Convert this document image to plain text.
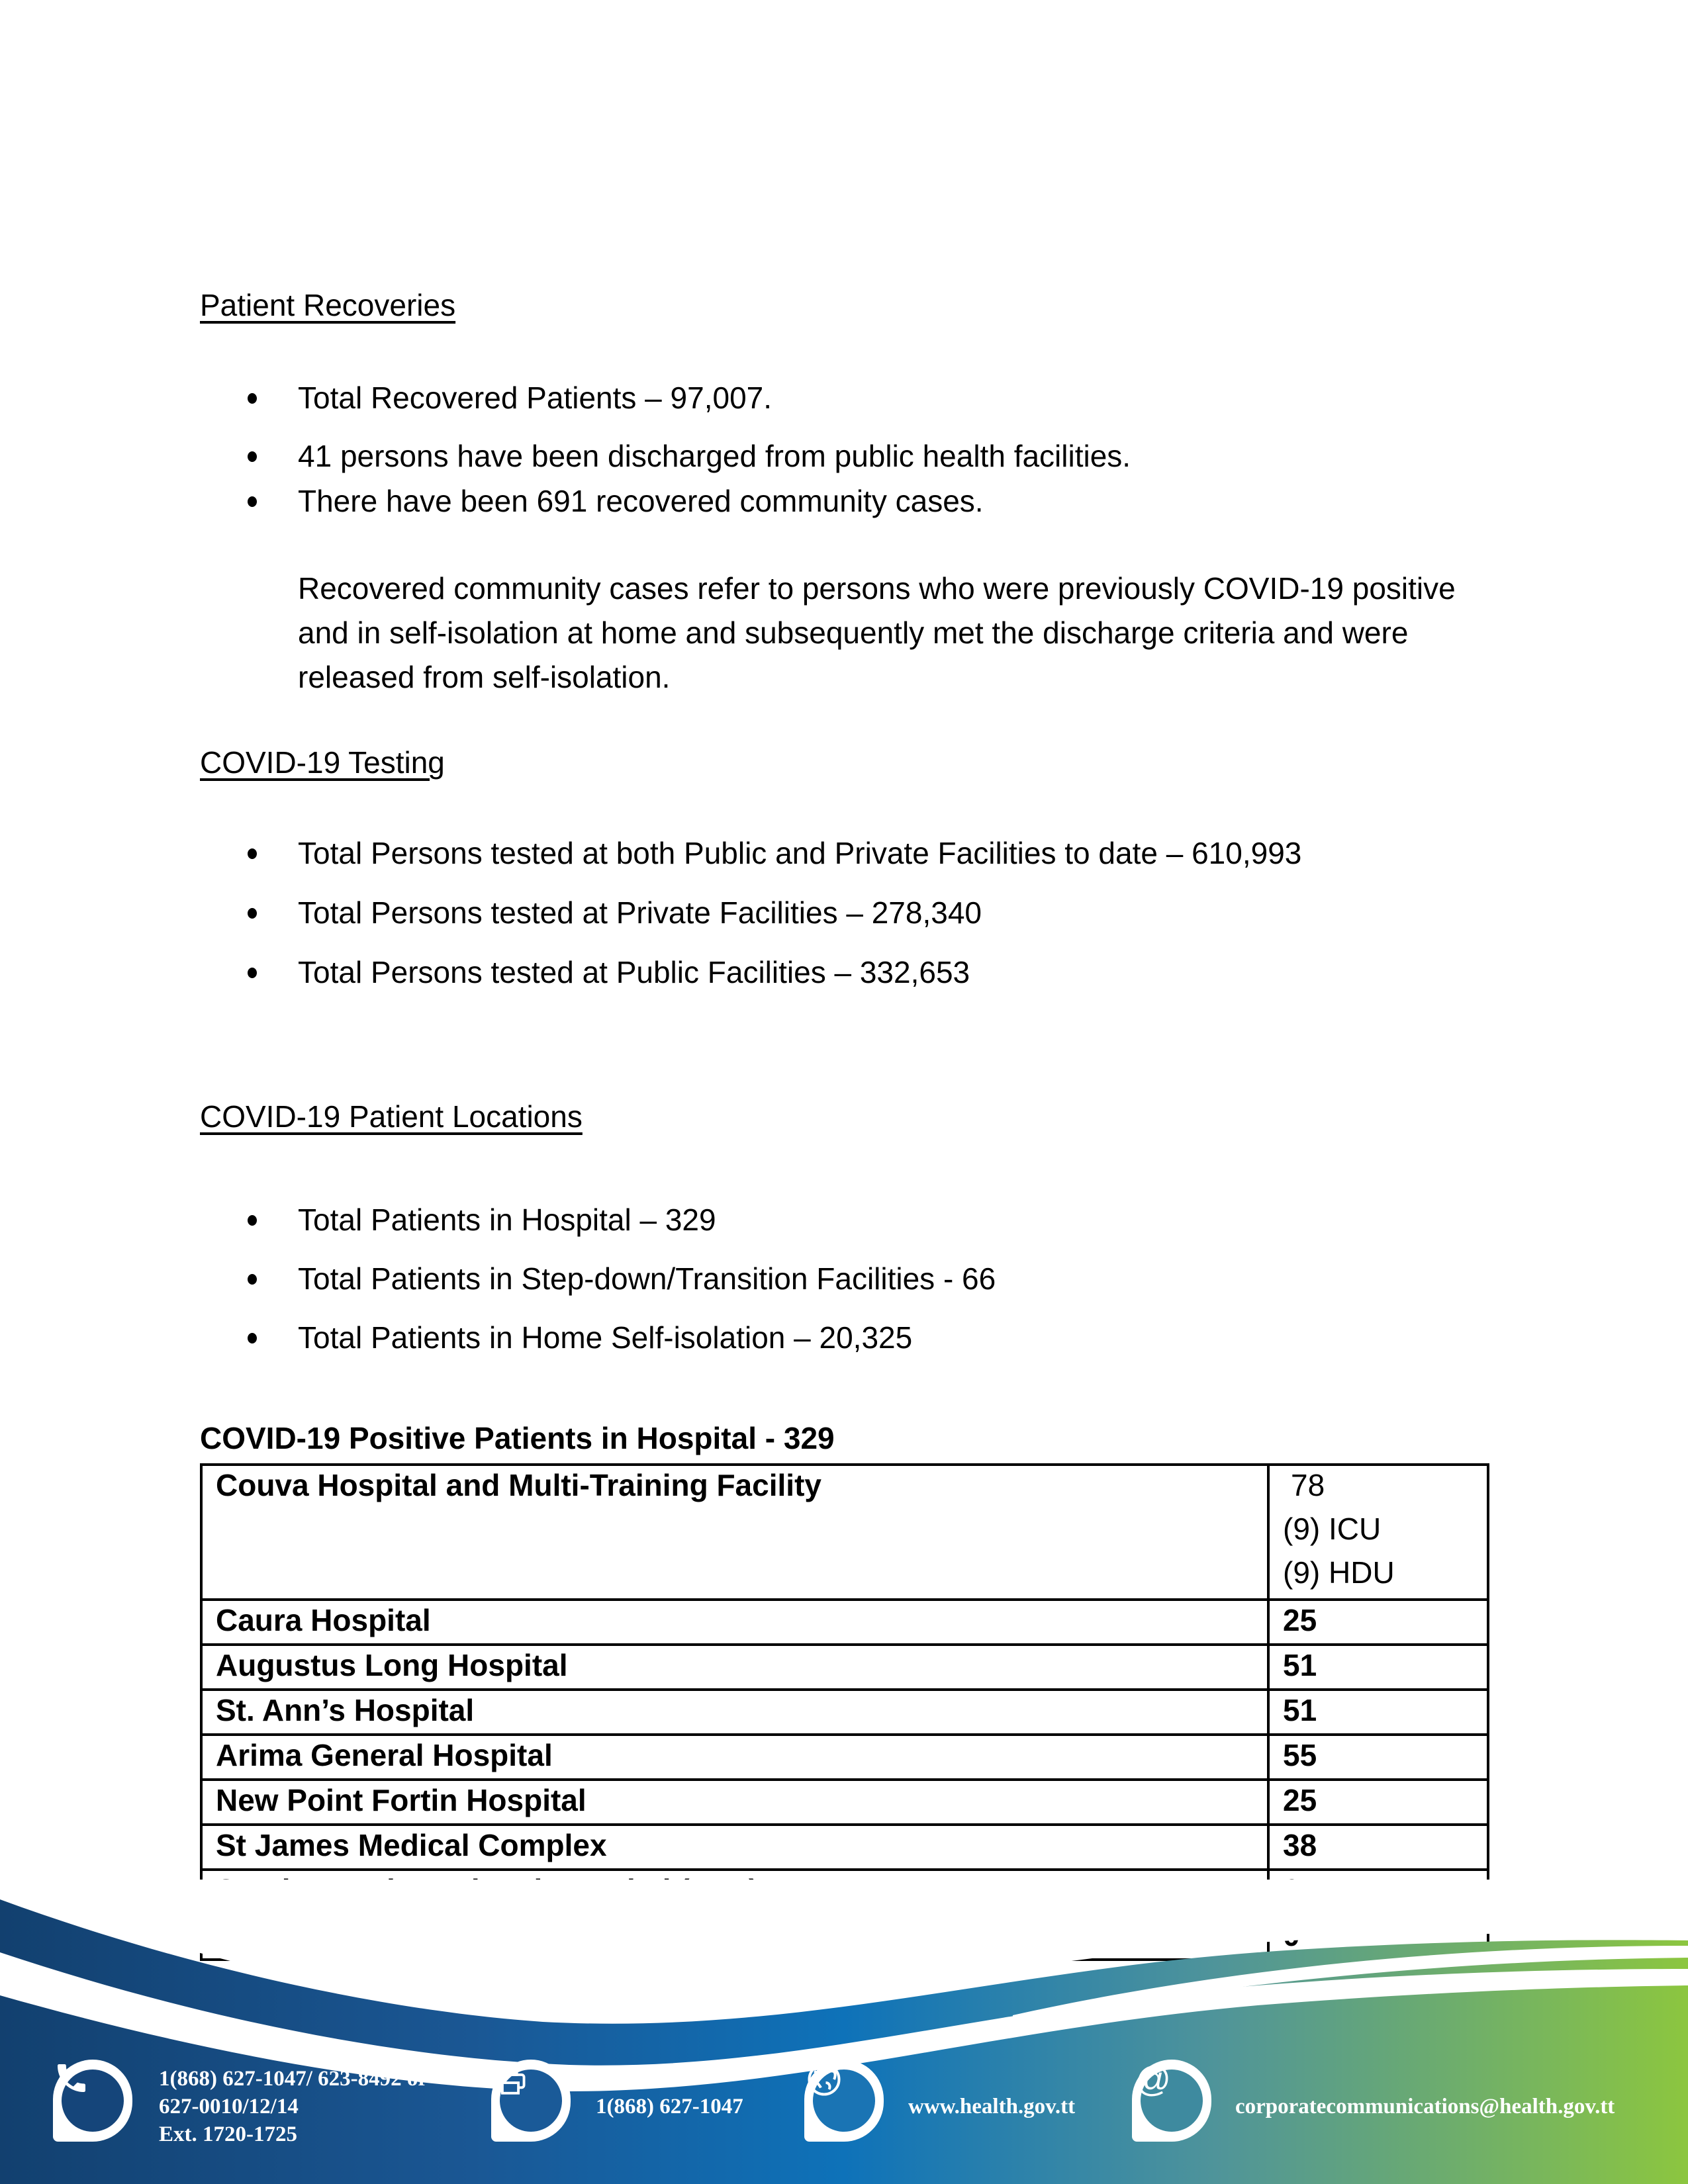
Patient Recoveries
Total Recovered Patients – 97,007.
41 persons have been discharged from public health facilities.
There have been 691 recovered community cases.
Recovered community cases refer to persons who were previously COVID-19 positive
and in self-isolation at home and subsequently met the discharge criteria and were
released from self-isolation.
COVID-19 Testing
Total Persons tested at both Public and Private Facilities to date – 610,993
Total Persons tested at Private Facilities – 278,340
Total Persons tested at Public Facilities – 332,653
COVID-19 Patient Locations
Total Patients in Hospital – 329
Total Patients in Step-down/Transition Facilities - 66
Total Patients in Home Self-isolation – 20,325
COVID-19 Positive Patients in Hospital - 329
Couva Hospital and Multi-Training Facility	78
(9) ICU
(9) HDU

Caura Hospital	25
Augustus Long Hospital	51
St. Ann’s Hospital	51
Arima General Hospital	55
New Point Fortin Hospital	25
St James Medical Complex	38

1(868) 627-1047/ 623-8492 or
627-0010/12/14
Ext. 1720-1725
1(868) 627-1047	www.health.gov.tt
@
corporatecommunications@health.gov.tt
